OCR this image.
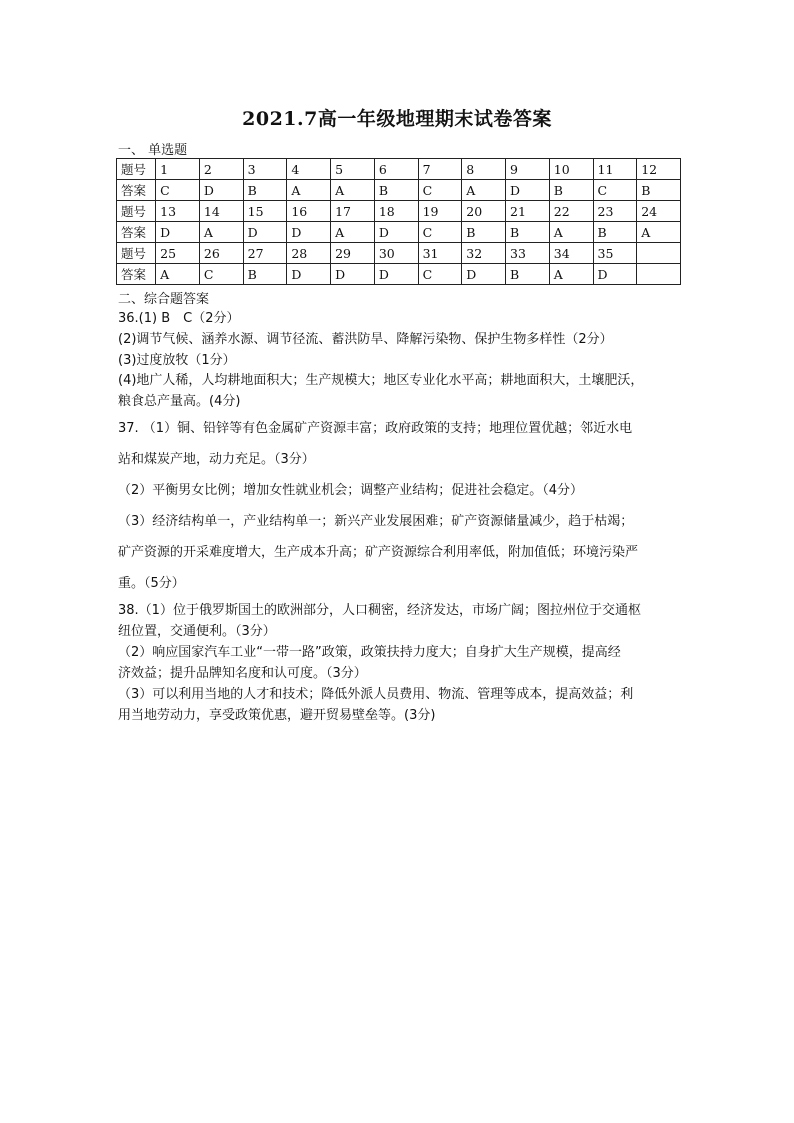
2021.7高一年级地理期末试卷答案
一、 单选题
题号	1	2	3	4	5	6	7	8	9	10	11	12
答案	C	D	B	A	A	B	C	A	D	B	C	B
题号	13	14	15	16	17	18	19	20	21	22	23	24
答案	D	A	D	D	A	D	C	B	B	A	B	A
题号	25	26	27	28	29	30	31	32	33	34	35	
答案	A	C	B	D	D	D	C	D	B	A	D	
二、综合题答案
36.(1) B　C（2分）
(2)调节气候、涵养水源、调节径流、蓄洪防旱、降解污染物、保护生物多样性（2分）
(3)过度放牧（1分）
(4)地广人稀，人均耕地面积大；生产规模大；地区专业化水平高；耕地面积大，土壤肥沃，
粮食总产量高。(4分)
37. （1）铜、铅锌等有色金属矿产资源丰富；政府政策的支持；地理位置优越；邻近水电
站和煤炭产地，动力充足。（3分）
（2）平衡男女比例；增加女性就业机会；调整产业结构；促进社会稳定。（4分）
（3）经济结构单一，产业结构单一；新兴产业发展困难；矿产资源储量减少，趋于枯竭；
矿产资源的开采难度增大，生产成本升高；矿产资源综合利用率低，附加值低；环境污染严
重。（5分）
38.（1）位于俄罗斯国土的欧洲部分，人口稠密，经济发达，市场广阔；图拉州位于交通枢
纽位置，交通便利。（3分）
（2）响应国家汽车工业“一带一路”政策，政策扶持力度大；自身扩大生产规模，提高经
济效益；提升品牌知名度和认可度。（3分）
（3）可以利用当地的人才和技术；降低外派人员费用、物流、管理等成本，提高效益；利
用当地劳动力，享受政策优惠，避开贸易壁垒等。(3分)
